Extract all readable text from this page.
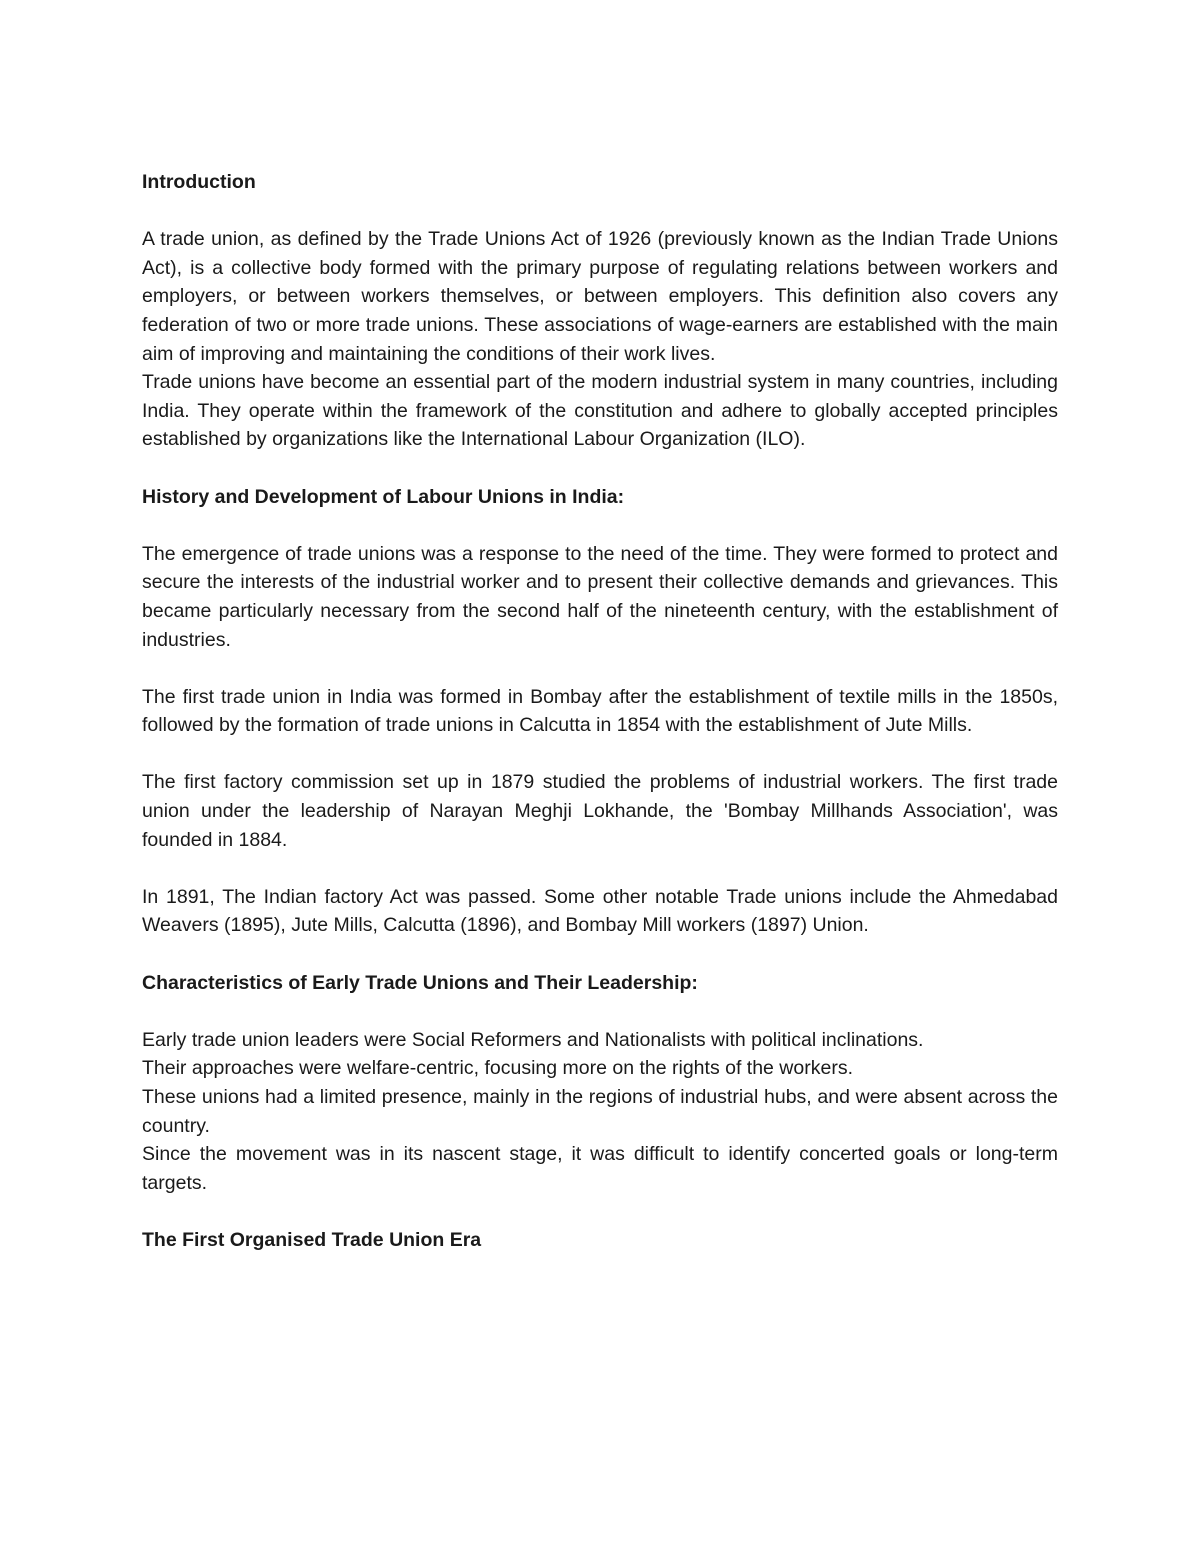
Introduction

A trade union, as defined by the Trade Unions Act of 1926 (previously known as the Indian Trade Unions Act), is a collective body formed with the primary purpose of regulating relations between workers and employers, or between workers themselves, or between employers. This definition also covers any federation of two or more trade unions. These associations of wage-earners are established with the main aim of improving and maintaining the conditions of their work lives.

Trade unions have become an essential part of the modern industrial system in many countries, including India. They operate within the framework of the constitution and adhere to globally accepted principles established by organizations like the International Labour Organization (ILO).

History and Development of Labour Unions in India:

The emergence of trade unions was a response to the need of the time. They were formed to protect and secure the interests of the industrial worker and to present their collective demands and grievances. This became particularly necessary from the second half of the nineteenth century, with the establishment of industries.

The first trade union in India was formed in Bombay after the establishment of textile mills in the 1850s, followed by the formation of trade unions in Calcutta in 1854 with the establishment of Jute Mills.

The first factory commission set up in 1879 studied the problems of industrial workers. The first trade union under the leadership of Narayan Meghji Lokhande, the 'Bombay Millhands Association', was founded in 1884.

In 1891, The Indian factory Act was passed. Some other notable Trade unions include the Ahmedabad Weavers (1895), Jute Mills, Calcutta (1896), and Bombay Mill workers (1897) Union.

Characteristics of Early Trade Unions and Their Leadership:

Early trade union leaders were Social Reformers and Nationalists with political inclinations.

Their approaches were welfare-centric, focusing more on the rights of the workers.

These unions had a limited presence, mainly in the regions of industrial hubs, and were absent across the country.

Since the movement was in its nascent stage, it was difficult to identify concerted goals or long-term targets.

The First Organised Trade Union Era
